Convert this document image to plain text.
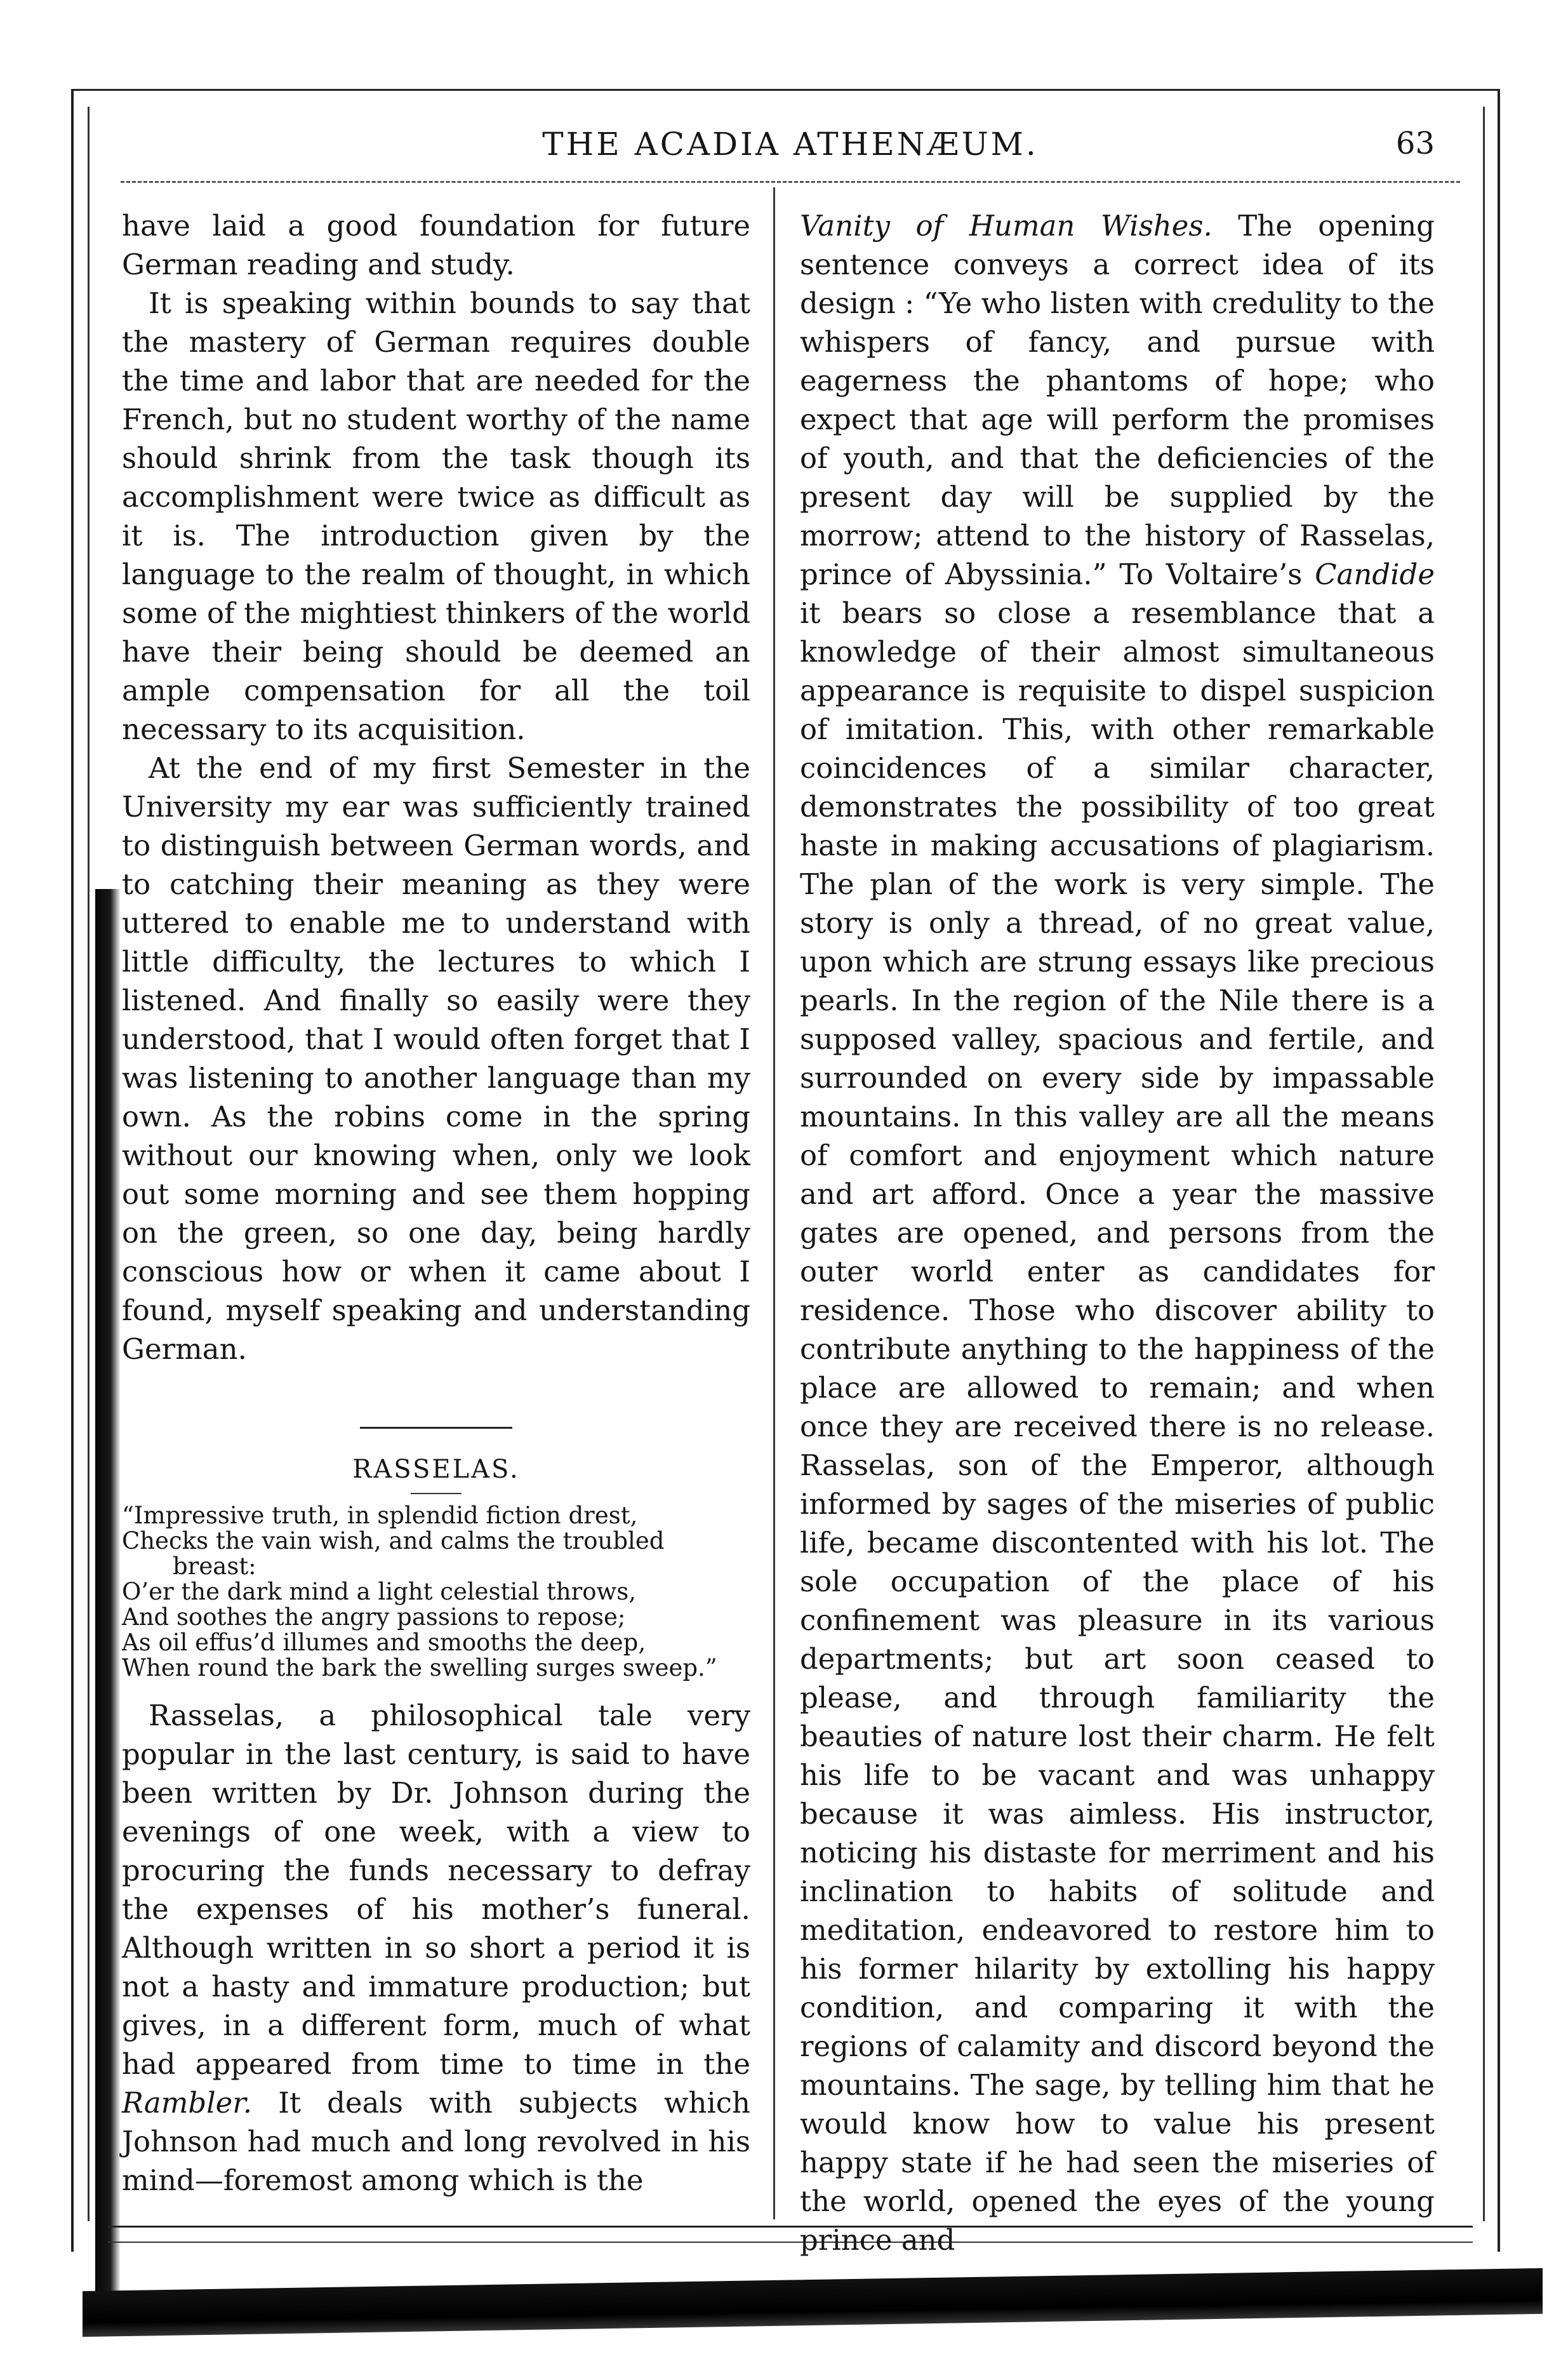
THE ACADIA ATHENÆUM.	63

have laid a good foundation for future German reading and study.

It is speaking within bounds to say that the mastery of German requires double the time and labor that are needed for the French, but no student worthy of the name should shrink from the task though its accomplishment were twice as difficult as it is. The introduction given by the language to the realm of thought, in which some of the mightiest thinkers of the world have their being should be deemed an ample compensation for all the toil necessary to its acquisition.

At the end of my first Semester in the University my ear was sufficiently trained to distinguish between German words, and to catching their meaning as they were uttered to enable me to understand with little difficulty, the lectures to which I listened. And finally so easily were they understood, that I would often forget that I was listening to another language than my own. As the robins come in the spring without our knowing when, only we look out some morning and see them hopping on the green, so one day, being hardly conscious how or when it came about I found, myself speaking and understanding German.

RASSELAS.
“Impressive truth, in splendid fiction drest,
Checks the vain wish, and calms the troubled
breast:
O’er the dark mind a light celestial throws,
And soothes the angry passions to repose;
As oil effus’d illumes and smooths the deep,
When round the bark the swelling surges sweep.”

Rasselas, a philosophical tale very popular in the last century, is said to have been written by Dr. Johnson during the evenings of one week, with a view to procuring the funds necessary to defray the expenses of his mother’s funeral. Although written in so short a period it is not a hasty and immature production; but gives, in a different form, much of what had appeared from time to time in the Rambler. It deals with subjects which Johnson had much and long revolved in his mind—foremost among which is the

Vanity of Human Wishes. The opening sentence conveys a correct idea of its design : “Ye who listen with credulity to the whispers of fancy, and pursue with eagerness the phantoms of hope; who expect that age will perform the promises of youth, and that the deficiencies of the present day will be supplied by the morrow; attend to the history of Rasselas, prince of Abyssinia.” To Voltaire’s Candide it bears so close a resemblance that a knowledge of their almost simultaneous appearance is requisite to dispel suspicion of imitation. This, with other remarkable coincidences of a similar character, demonstrates the possibility of too great haste in making accusations of plagiarism. The plan of the work is very simple. The story is only a thread, of no great value, upon which are strung essays like precious pearls. In the region of the Nile there is a supposed valley, spacious and fertile, and surrounded on every side by impassable mountains. In this valley are all the means of comfort and enjoyment which nature and art afford. Once a year the massive gates are opened, and persons from the outer world enter as candidates for residence. Those who discover ability to contribute anything to the happiness of the place are allowed to remain; and when once they are received there is no release. Rasselas, son of the Emperor, although informed by sages of the miseries of public life, became discontented with his lot. The sole occupation of the place of his confinement was pleasure in its various departments; but art soon ceased to please, and through familiarity the beauties of nature lost their charm. He felt his life to be vacant and was unhappy because it was aimless. His instructor, noticing his distaste for merriment and his inclination to habits of solitude and meditation, endeavored to restore him to his former hilarity by extolling his happy condition, and comparing it with the regions of calamity and discord beyond the mountains. The sage, by telling him that he would know how to value his present happy state if he had seen the miseries of the world, opened the eyes of the young prince and
